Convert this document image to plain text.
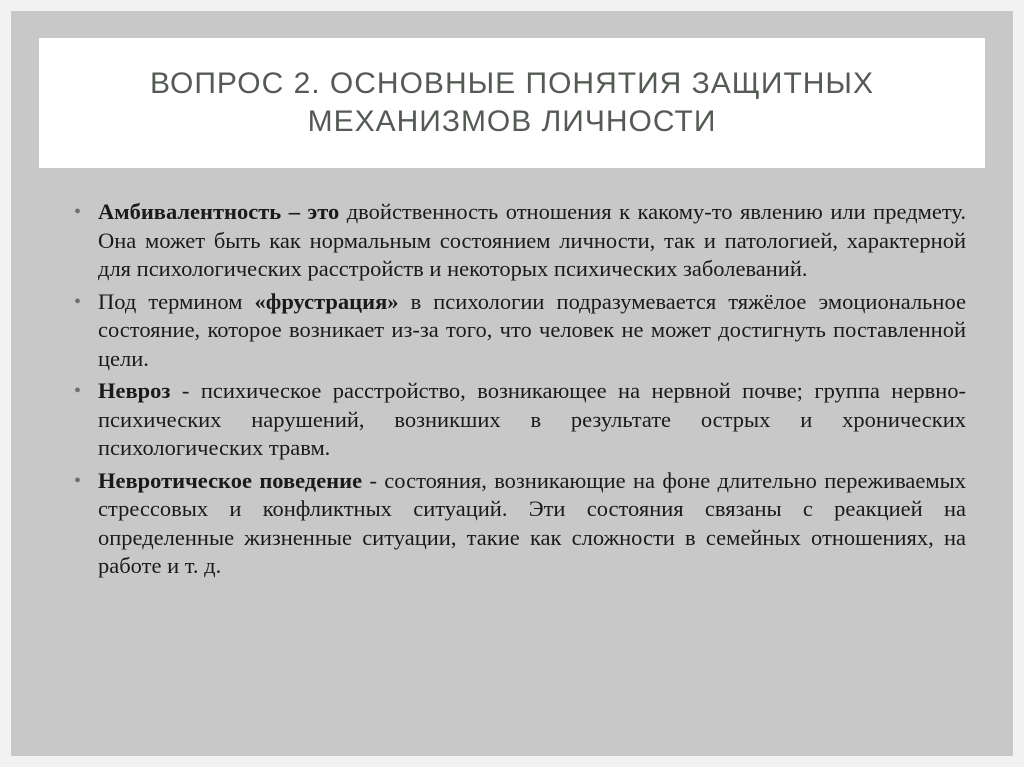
ВОПРОС 2. ОСНОВНЫЕ ПОНЯТИЯ ЗАЩИТНЫХ МЕХАНИЗМОВ ЛИЧНОСТИ
• Амбивалентность – это двойственность отношения к какому-то явлению или предмету. Она может быть как нормальным состоянием личности, так и патологией, характерной для психологических расстройств и некоторых психических заболеваний.
• Под термином «фрустрация» в психологии подразумевается тяжёлое эмоциональное состояние, которое возникает из-за того, что человек не может достигнуть поставленной цели.
• Невроз - психическое расстройство, возникающее на нервной почве; группа нервно-психических нарушений, возникших в результате острых и хронических психологических травм.
• Невротическое поведение - состояния, возникающие на фоне длительно переживаемых стрессовых и конфликтных ситуаций. Эти состояния связаны с реакцией на определенные жизненные ситуации, такие как сложности в семейных отношениях, на работе и т. д.
